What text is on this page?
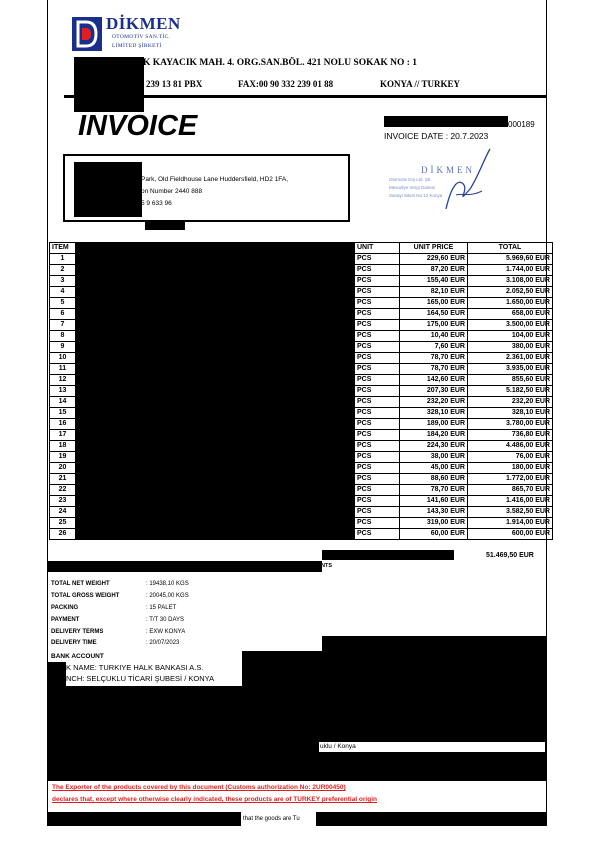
DİKMEN
OTOMOTİV SAN.TİC.
LİMİTED ŞİRKETİ
K KAYACIK MAH. 4. ORG.SAN.BÖL. 421 NOLU SOKAK NO : 1
239 13 81 PBX	FAX:00 90 332 239 01 88	KONYA // TURKEY
INVOICE	000189
INVOICE DATE : 20.7.2023
DİKMEN
Otomotiv Dış Ltd. Şti.
Mesudiye Vergi Dairesi
Sanayi Sitesi No:12 Konya
Park, Old Fieldhouse Lane Huddersfield, HD2 1FA,
on Number 2440 888
5 9 633 96
ITEM		UNIT	UNIT PRICE	TOTAL
1		PCS	229,60 EUR	5.969,60 EUR
2		PCS	87,20 EUR	1.744,00 EUR
3		PCS	155,40 EUR	3.108,00 EUR
4		PCS	82,10 EUR	2.052,50 EUR
5		PCS	165,00 EUR	1.650,00 EUR
6		PCS	164,50 EUR	658,00 EUR
7		PCS	175,00 EUR	3.500,00 EUR
8		PCS	10,40 EUR	104,00 EUR
9		PCS	7,60 EUR	380,00 EUR
10		PCS	78,70 EUR	2.361,00 EUR
11		PCS	78,70 EUR	3.935,00 EUR
12		PCS	142,60 EUR	855,60 EUR
13		PCS	207,30 EUR	5.182,50 EUR
14		PCS	232,20 EUR	232,20 EUR
15		PCS	328,10 EUR	328,10 EUR
16		PCS	189,00 EUR	3.780,00 EUR
17		PCS	184,20 EUR	736,80 EUR
18		PCS	224,30 EUR	4.486,00 EUR
19		PCS	38,00 EUR	76,00 EUR
20		PCS	45,00 EUR	180,00 EUR
21		PCS	88,60 EUR	1.772,00 EUR
22		PCS	78,70 EUR	865,70 EUR
23		PCS	141,60 EUR	1.416,00 EUR
24		PCS	143,30 EUR	3.582,50 EUR
25		PCS	319,00 EUR	1.914,00 EUR
26		PCS	60,00 EUR	600,00 EUR
51.469,50 EUR
NTS
TOTAL NET WEIGHT	: 19438,10 KGS
TOTAL GROSS WEIGHT	: 20045,00 KGS
PACKING	: 15 PALET
PAYMENT	: T/T 30 DAYS
DELIVERY TERMS	: EXW KONYA
DELIVERY TIME	: 20/07/2023
BANK ACCOUNT
K NAME: TURKIYE HALK BANKASI A.S.
NCH: SELÇUKLU TİCARİ ŞUBESİ / KONYA
uklu / Konya
The Exporter of the products covered by this document (Customs authorization No: 2UR00450)
declares that, except where otherwise clearly indicated, these products are of TURKEY preferential origin
that the goods are Tu
